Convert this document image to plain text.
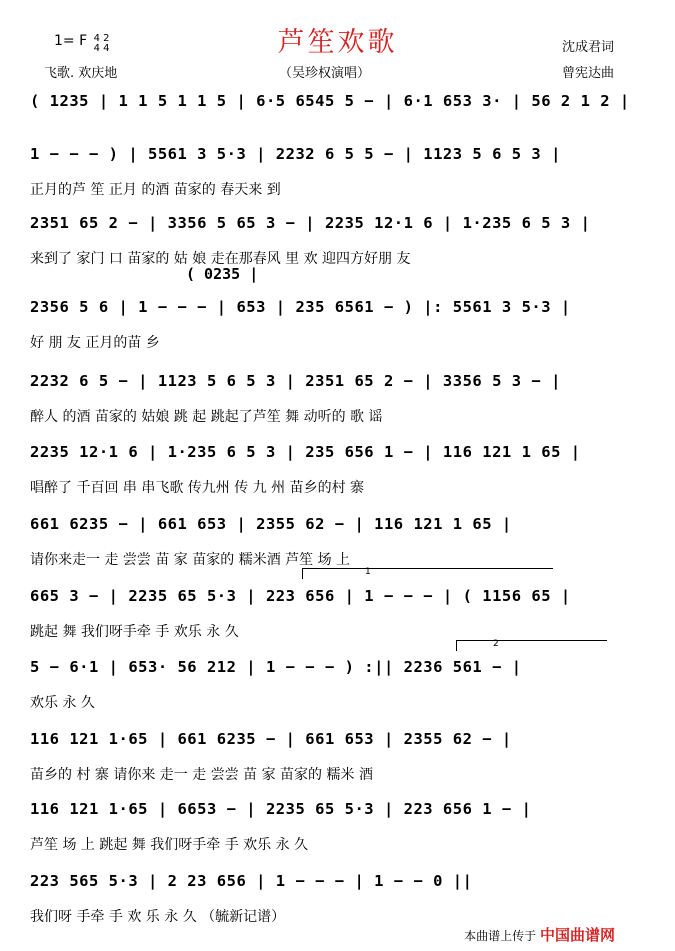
芦笙欢歌
1= F 4 2
4 4
飞歌. 欢庆地	（吴珍权演唱）
沈成君词
曾宪达曲
( 1235 | 1 1 5 1 1 5 | 6·5 6545 5 − | 6·1 653 3· | 56 2 1 2 |
1 − − − ) | 5561 3 5·3 | 2232 6 5 5 − | 1123 5 6 5 3 |
正月的芦 笙 正月 的酒 苗家的 春天来 到
2351 65 2 − | 3356 5 65 3 − | 2235 12·1 6 | 1·235 6 5 3 |
来到了 家门 口 苗家的 姑 娘 走在那春风 里 欢 迎四方好朋 友
2356 5 6 | 1 − − − | 653 | 235 6561 − ) |: 5561 3 5·3 |
好 朋 友 正月的苗 乡
2232 6 5 − | 1123 5 6 5 3 | 2351 65 2 − | 3356 5 3 − |
醉人 的酒 苗家的 姑娘 跳 起 跳起了芦笙 舞 动听的 歌 谣
2235 12·1 6 | 1·235 6 5 3 | 235 656 1 − | 116 121 1 65 |
唱醉了 千百回 串 串飞歌 传九州 传 九 州 苗乡的村 寨
661 6235 − | 661 653 | 2355 62 − | 116 121 1 65 |
请你来走一 走 尝尝 苗 家 苗家的 糯米酒 芦笙 场 上
665 3 − | 2235 65 5·3 | 223 656 | 1 − − − | ( 1156 65 |
跳起 舞 我们呀手牵 手 欢乐 永 久
5 − 6·1 | 653· 56 212 | 1 − − − ) :|| 2236 561 − |
欢乐 永 久
116 121 1·65 | 661 6235 − | 661 653 | 2355 62 − |
苗乡的 村 寨 请你来 走一 走 尝尝 苗 家 苗家的 糯米 酒
116 121 1·65 | 6653 − | 2235 65 5·3 | 223 656 1 − |
芦笙 场 上 跳起 舞 我们呀手牵 手 欢乐 永 久
223 565 5·3 | 2 23 656 | 1 − − − | 1 − − 0 ||
我们呀 手牵 手 欢 乐 永 久 （毓新记谱）
( 0235 |
1
2
本曲谱上传于 中国曲谱网
